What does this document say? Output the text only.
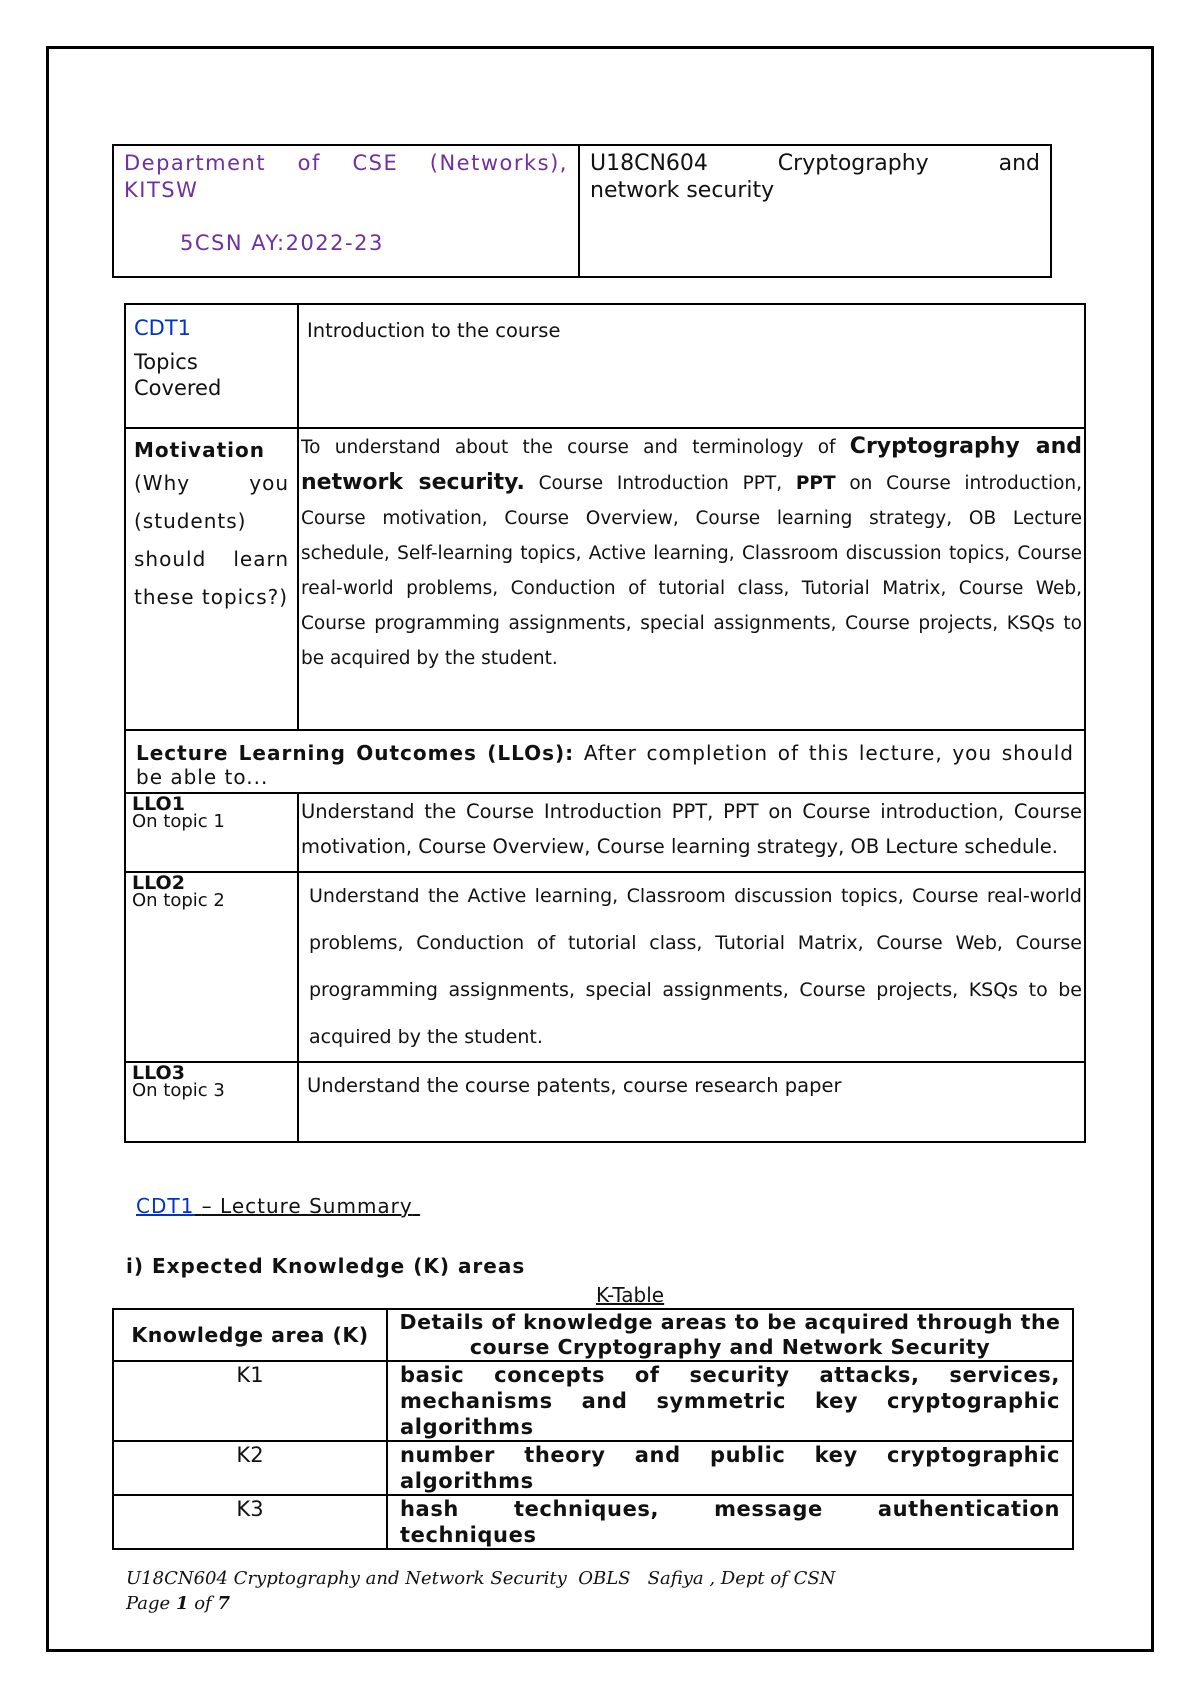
Department of CSE (Networks),
KITSW
5CSN AY:2022-23

U18CN604	Cryptography	and
network security
CDT1
Topics Covered	Introduction to the course

Motivation
(Why you (students) should learn these topics?)	To understand about the course and terminology of Cryptography and network security. Course Introduction PPT, PPT on Course introduction, Course motivation, Course Overview, Course learning strategy, OB Lecture schedule, Self-learning topics, Active learning, Classroom discussion topics, Course real-world problems, Conduction of tutorial class, Tutorial Matrix, Course Web, Course programming assignments, special assignments, Course projects, KSQs to be acquired by the student.
Lecture Learning Outcomes (LLOs): After completion of this lecture, you should be able to...	
LLO1
On topic 1	Understand the Course Introduction PPT, PPT on Course introduction, Course motivation, Course Overview, Course learning strategy, OB Lecture schedule.
LLO2
On topic 2	Understand the Active learning, Classroom discussion topics, Course real-world problems, Conduction of tutorial class, Tutorial Matrix, Course Web, Course programming assignments, special assignments, Course projects, KSQs to be acquired by the student.
LLO3
On topic 3	Understand the course patents, course research paper
CDT1 – Lecture Summary
i) Expected Knowledge (K) areas
K-Table
Knowledge area (K)	Details of knowledge areas to be acquired through the course Cryptography and Network Security
K1	basic concepts of security attacks, services, mechanisms and symmetric key cryptographic algorithms
K2	number theory and public key cryptographic algorithms
K3	hash techniques, message authentication techniques
U18CN604 Cryptography and Network Security  OBLS   Safiya , Dept of CSN
Page 1 of 7
